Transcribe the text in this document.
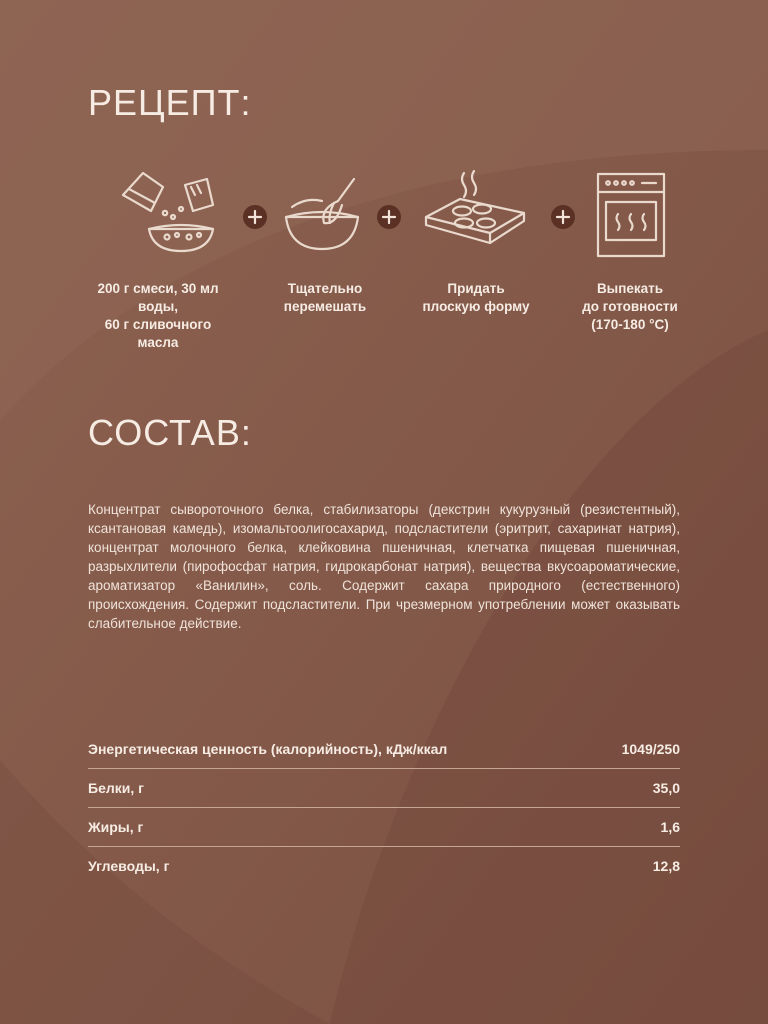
РЕЦЕПТ:
200 г смеси, 30 мл воды,
60 г сливочного
масла
Тщательно
перемешать
Придать
плоскую форму
Выпекать
до готовности
(170-180 °С)
СОСТАВ:

Концентрат сывороточного белка, стабилизаторы (декстрин кукурузный (резистентный), ксантановая камедь), изомальтоолигосахарид, подсластители (эритрит, сахаринат натрия), концентрат молочного белка, клейковина пшеничная, клетчатка пищевая пшеничная, разрыхлители (пирофосфат натрия, гидрокарбонат натрия), вещества вкусоароматические, ароматизатор «Ванилин», соль. Содержит сахара природного (естественного) происхождения. Содержит подсластители. При чрезмерном употреблении может оказывать слабительное действие.

Энергетическая ценность (калорийность), кДж/ккал	1049/250
Белки, г	35,0
Жиры, г	1,6
Углеводы, г	12,8
